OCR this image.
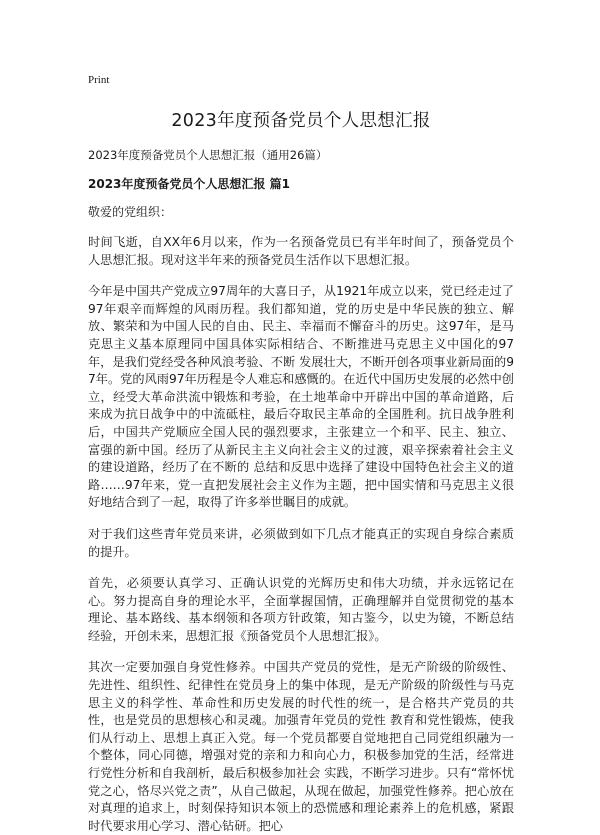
Print

2023年度预备党员个人思想汇报

2023年度预备党员个人思想汇报（通用26篇）

2023年度预备党员个人思想汇报 篇1

敬爱的党组织：

时间飞逝，自XX年6月以来，作为一名预备党员已有半年时间了，预备党员个人思想汇报。现对这半年来的预备党员生活作以下思想汇报。

今年是中国共产党成立97周年的大喜日子，从1921年成立以来，党已经走过了97年艰辛而辉煌的风雨历程。我们都知道，党的历史是中华民族的独立、解放、繁荣和为中国人民的自由、民主、幸福而不懈奋斗的历史。这97年，是马克思主义基本原理同中国具体实际相结合、不断推进马克思主义中国化的97年，是我们党经受各种风浪考验、不断 发展壮大，不断开创各项事业新局面的97年。党的风雨97年历程是令人难忘和感慨的。在近代中国历史发展的必然中创立，经受大革命洪流中锻炼和考验，在土地革命中开辟出中国的革命道路，后来成为抗日战争中的中流砥柱，最后夺取民主革命的全国胜利。抗日战争胜利后，中国共产党顺应全国人民的强烈要求，主张建立一个和平、民主、独立、富强的新中国。经历了从新民主主义向社会主义的过渡，艰辛探索着社会主义的建设道路，经历了在不断的 总结和反思中选择了建设中国特色社会主义的道路……97年来，党一直把发展社会主义作为主题，把中国实情和马克思主义很好地结合到了一起，取得了许多举世瞩目的成就。

对于我们这些青年党员来讲，必须做到如下几点才能真正的实现自身综合素质的提升。

首先，必须要认真学习、正确认识党的光辉历史和伟大功绩，并永远铭记在心。努力提高自身的理论水平，全面掌握国情，正确理解并自觉贯彻党的基本理论、基本路线、基本纲领和各项方针政策，知古鉴今，以史为镜，不断总结 经验，开创未来，思想汇报《预备党员个人思想汇报》。

其次一定要加强自身党性修养。中国共产党员的党性，是无产阶级的阶级性、先进性、组织性、纪律性在党员身上的集中体现，是无产阶级的阶级性与马克思主义的科学性、革命性和历史发展的时代性的统一，是合格共产党员的共性，也是党员的思想核心和灵魂。加强青年党员的党性 教育和党性锻炼，使我们从行动上、思想上真正入党。每一个党员都要自觉地把自己同党组织融为一个整体，同心同德，增强对党的亲和力和向心力，积极参加党的生活，经常进行党性分析和自我剖析，最后积极参加社会 实践，不断学习进步。只有“常怀忧党之心，恪尽兴党之责”，从自己做起，从现在做起，加强党性修养。把心放在对真理的追求上，时刻保持知识本领上的恐慌感和理论素养上的危机感，紧跟时代要求用心学习、潜心钻研。把心
